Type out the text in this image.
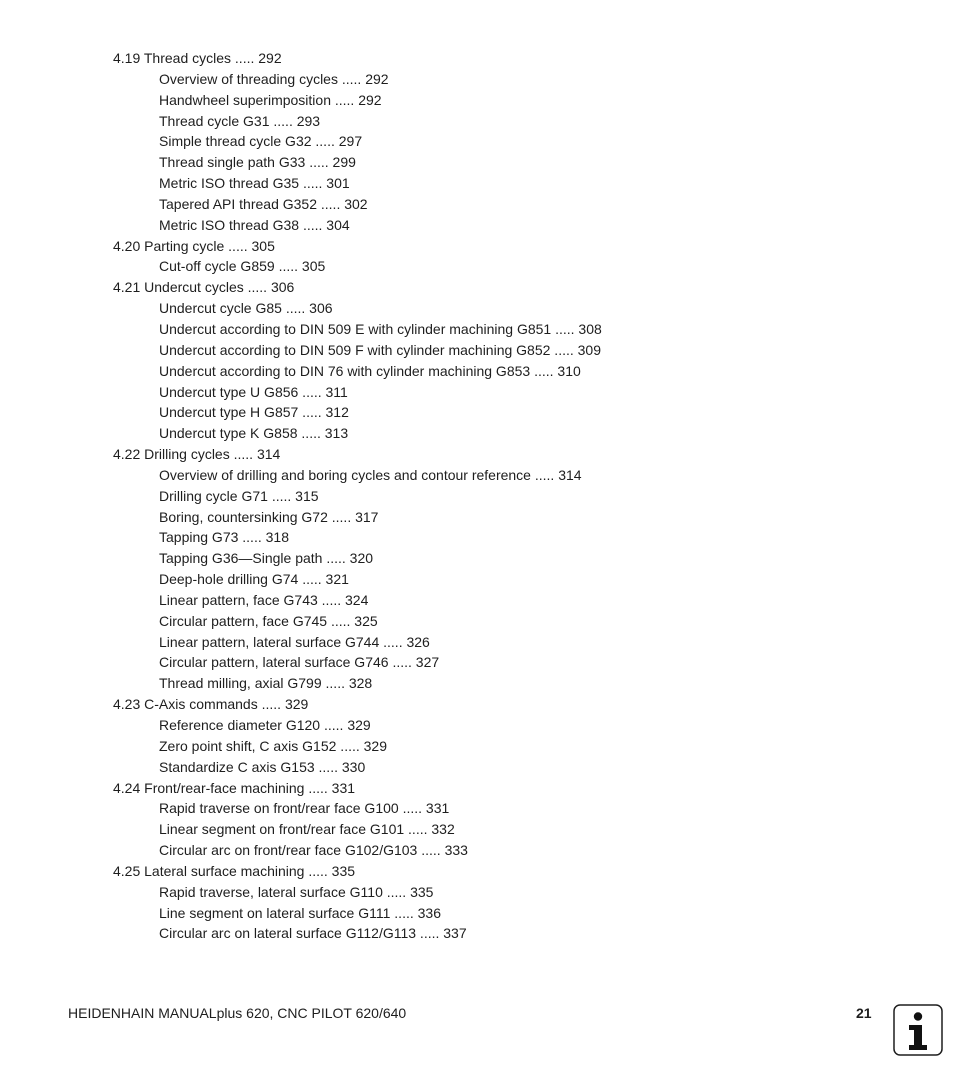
4.19 Thread cycles ..... 292
Overview of threading cycles ..... 292
Handwheel superimposition ..... 292
Thread cycle G31 ..... 293
Simple thread cycle G32 ..... 297
Thread single path G33 ..... 299
Metric ISO thread G35 ..... 301
Tapered API thread G352 ..... 302
Metric ISO thread G38 ..... 304
4.20 Parting cycle ..... 305
Cut-off cycle G859 ..... 305
4.21 Undercut cycles ..... 306
Undercut cycle G85 ..... 306
Undercut according to DIN 509 E with cylinder machining G851 ..... 308
Undercut according to DIN 509 F with cylinder machining G852 ..... 309
Undercut according to DIN 76 with cylinder machining G853 ..... 310
Undercut type U G856 ..... 311
Undercut type H G857 ..... 312
Undercut type K G858 ..... 313
4.22 Drilling cycles ..... 314
Overview of drilling and boring cycles and contour reference ..... 314
Drilling cycle G71 ..... 315
Boring, countersinking G72 ..... 317
Tapping G73 ..... 318
Tapping G36—Single path ..... 320
Deep-hole drilling G74 ..... 321
Linear pattern, face G743 ..... 324
Circular pattern, face G745 ..... 325
Linear pattern, lateral surface G744 ..... 326
Circular pattern, lateral surface G746 ..... 327
Thread milling, axial G799 ..... 328
4.23 C-Axis commands ..... 329
Reference diameter G120 ..... 329
Zero point shift, C axis G152 ..... 329
Standardize C axis G153 ..... 330
4.24 Front/rear-face machining ..... 331
Rapid traverse on front/rear face G100 ..... 331
Linear segment on front/rear face G101 ..... 332
Circular arc on front/rear face G102/G103 ..... 333
4.25 Lateral surface machining ..... 335
Rapid traverse, lateral surface G110 ..... 335
Line segment on lateral surface G111 ..... 336
Circular arc on lateral surface G112/G113 ..... 337
HEIDENHAIN MANUALplus 620, CNC PILOT 620/640	21
